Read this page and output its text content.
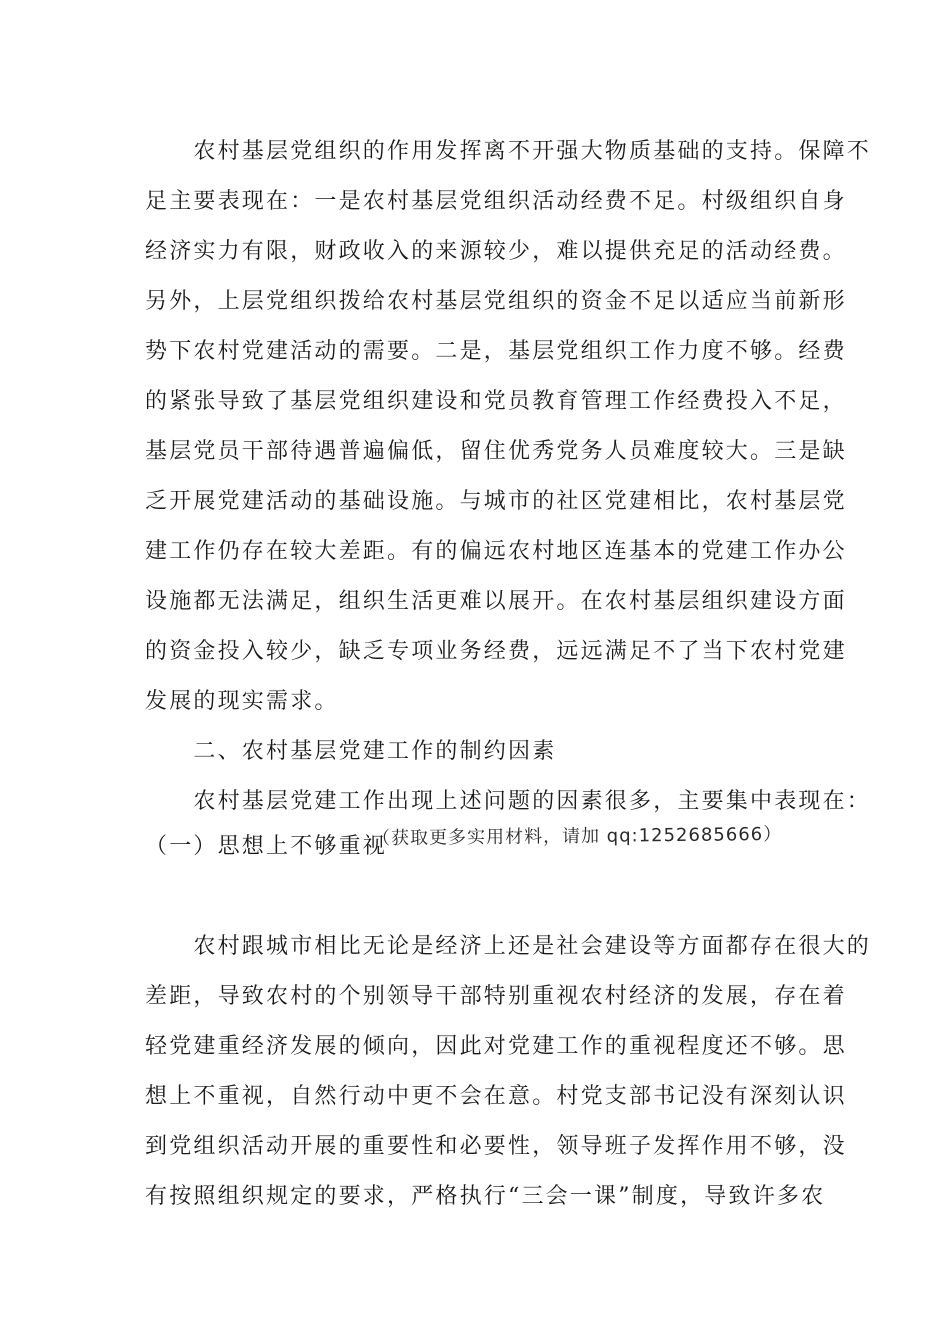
　　农村基层党组织的作用发挥离不开强大物质基础的支持。保障不
足主要表现在：一是农村基层党组织活动经费不足。村级组织自身
经济实力有限，财政收入的来源较少，难以提供充足的活动经费。
另外，上层党组织拨给农村基层党组织的资金不足以适应当前新形
势下农村党建活动的需要。二是，基层党组织工作力度不够。经费
的紧张导致了基层党组织建设和党员教育管理工作经费投入不足，
基层党员干部待遇普遍偏低，留住优秀党务人员难度较大。三是缺
乏开展党建活动的基础设施。与城市的社区党建相比，农村基层党
建工作仍存在较大差距。有的偏远农村地区连基本的党建工作办公
设施都无法满足，组织生活更难以展开。在农村基层组织建设方面
的资金投入较少，缺乏专项业务经费，远远满足不了当下农村党建
发展的现实需求。
　　二、农村基层党建工作的制约因素
　　农村基层党建工作出现上述问题的因素很多，主要集中表现在：
（一）思想上不够重视
（获取更多实用材料，请加 qq:1252685666）
　　农村跟城市相比无论是经济上还是社会建设等方面都存在很大的
差距，导致农村的个别领导干部特别重视农村经济的发展，存在着
轻党建重经济发展的倾向，因此对党建工作的重视程度还不够。思
想上不重视，自然行动中更不会在意。村党支部书记没有深刻认识
到党组织活动开展的重要性和必要性，领导班子发挥作用不够，没
有按照组织规定的要求，严格执行“三会一课”制度，导致许多农
